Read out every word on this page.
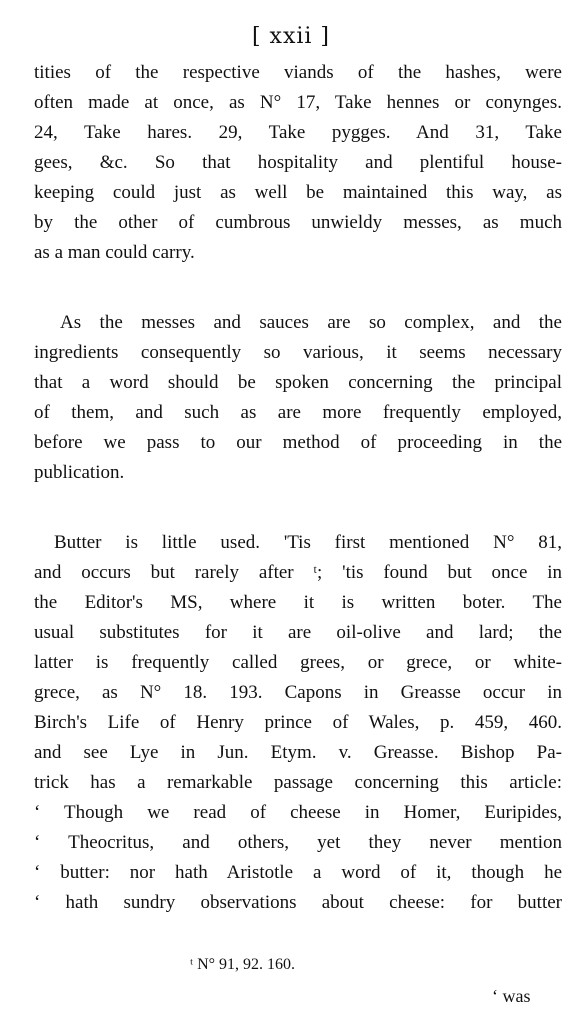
[ xxii ]
tities of the respective viands of the hashes, were
often made at once, as N° 17, Take hennes or conynges.
24, Take hares. 29, Take pygges. And 31, Take
gees, &c. So that hospitality and plentiful house-
keeping could just as well be maintained this way, as
by the other of cumbrous unwieldy messes, as much
as a man could carry.
As the messes and sauces are so complex, and the
ingredients consequently so various, it seems necessary
that a word should be spoken concerning the principal
of them, and such as are more frequently employed,
before we pass to our method of proceeding in the
publication.
Butter is little used. 'Tis first mentioned N° 81,
and occurs but rarely after ᵗ; 'tis found but once in
the Editor's MS, where it is written boter. The
usual substitutes for it are oil-olive and lard; the
latter is frequently called grees, or grece, or white-
grece, as N° 18. 193. Capons in Greasse occur in
Birch's Life of Henry prince of Wales, p. 459, 460.
and see Lye in Jun. Etym. v. Greasse. Bishop Pa-
trick has a remarkable passage concerning this article:
‘ Though we read of cheese in Homer, Euripides,
‘ Theocritus, and others, yet they never mention
‘ butter: nor hath Aristotle a word of it, though he
‘ hath sundry observations about cheese: for butter
ᵗ N° 91, 92. 160.
‘ was
